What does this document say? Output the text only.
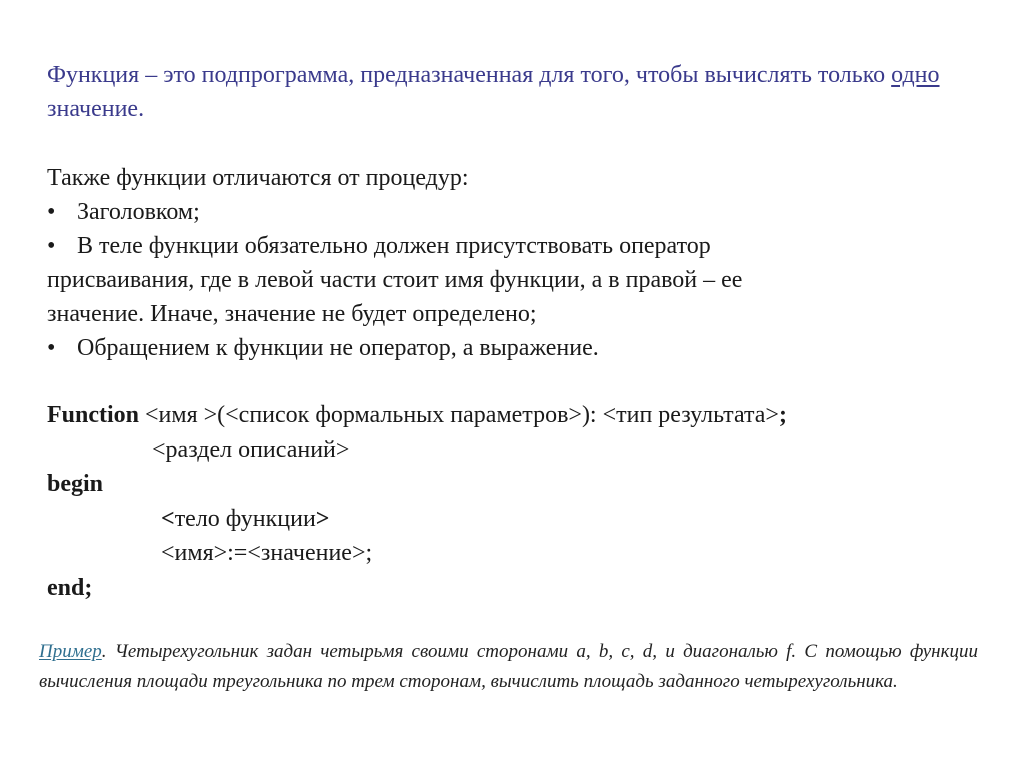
Функция – это подпрограмма, предназначенная для того, чтобы вычислять только одно значение.

Также функции отличаются от процедур:
• Заголовком;
• В теле функции обязательно должен присутствовать оператор
присваивания, где в левой части стоит имя функции, а в правой – ее
значение. Иначе, значение не будет определено;
• Обращением к функции не оператор, а выражение.
Function <имя >(<список формальных параметров>): <тип результата>;
<раздел описаний>
begin
<тело функции>
<имя>:=<значение>;
end;

Пример. Четырехугольник задан четырьмя своими сторонами a, b, c, d, и диагональю f. С помощью функции вычисления площади треугольника по трем сторонам, вычислить площадь заданного четырехугольника.
